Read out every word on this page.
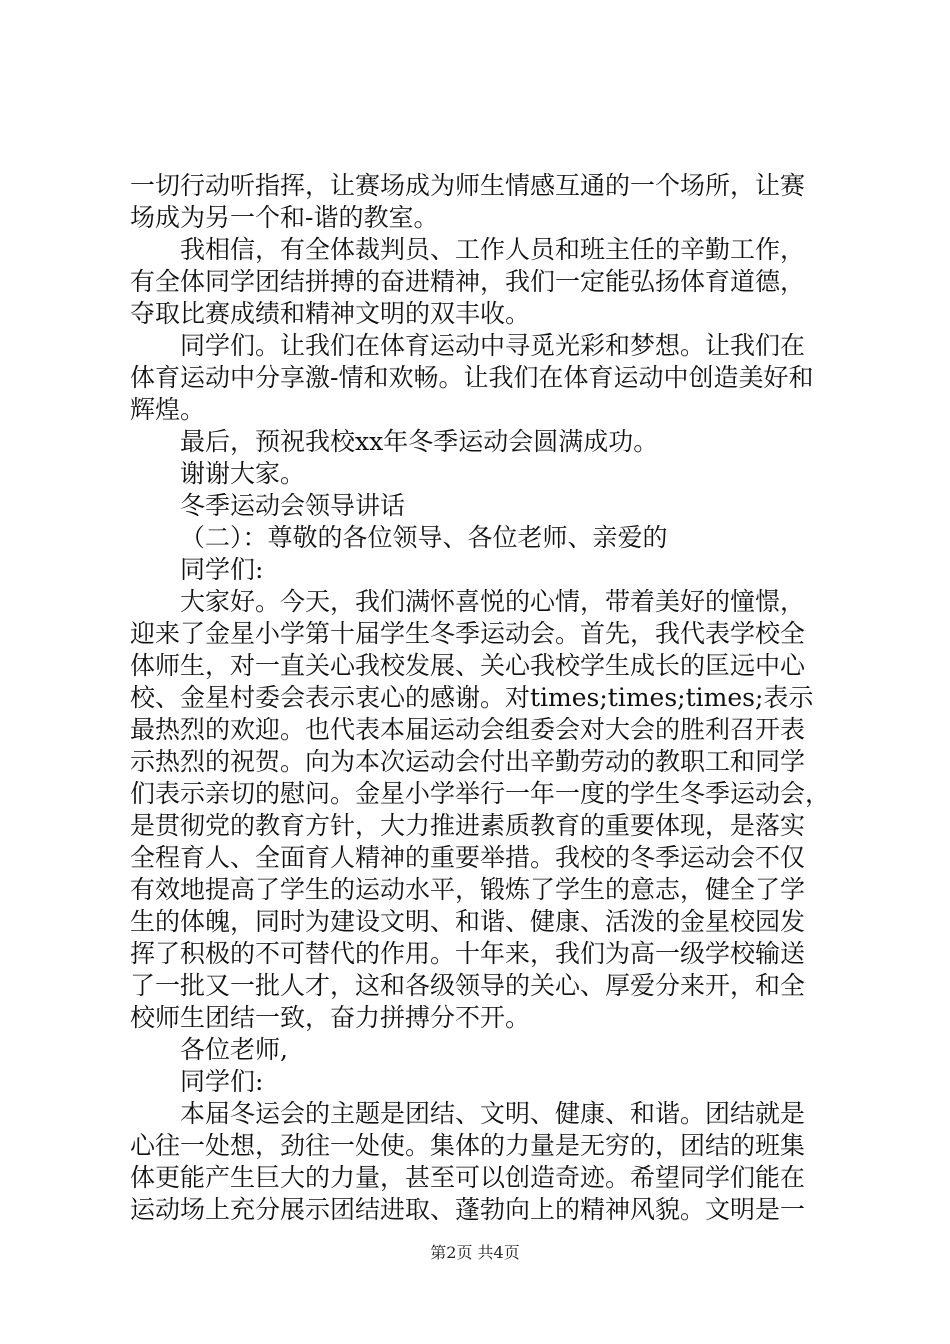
一切行动听指挥，让赛场成为师生情感互通的一个场所，让赛
场成为另一个和-谐的教室。
我相信，有全体裁判员、工作人员和班主任的辛勤工作，
有全体同学团结拼搏的奋进精神，我们一定能弘扬体育道德，
夺取比赛成绩和精神文明的双丰收。
同学们。让我们在体育运动中寻觅光彩和梦想。让我们在
体育运动中分享激-情和欢畅。让我们在体育运动中创造美好和
辉煌。
最后，预祝我校xx年冬季运动会圆满成功。
谢谢大家。
冬季运动会领导讲话
（二）：尊敬的各位领导、各位老师、亲爱的
同学们:
大家好。今天，我们满怀喜悦的心情，带着美好的憧憬，
迎来了金星小学第十届学生冬季运动会。首先，我代表学校全
体师生，对一直关心我校发展、关心我校学生成长的匡远中心
校、金星村委会表示衷心的感谢。对times;times;times;表示
最热烈的欢迎。也代表本届运动会组委会对大会的胜利召开表
示热烈的祝贺。向为本次运动会付出辛勤劳动的教职工和同学
们表示亲切的慰问。金星小学举行一年一度的学生冬季运动会，
是贯彻党的教育方针，大力推进素质教育的重要体现，是落实
全程育人、全面育人精神的重要举措。我校的冬季运动会不仅
有效地提高了学生的运动水平，锻炼了学生的意志，健全了学
生的体魄，同时为建设文明、和谐、健康、活泼的金星校园发
挥了积极的不可替代的作用。十年来，我们为高一级学校输送
了一批又一批人才，这和各级领导的关心、厚爱分来开，和全
校师生团结一致，奋力拼搏分不开。
各位老师,
同学们:
本届冬运会的主题是团结、文明、健康、和谐。团结就是
心往一处想，劲往一处使。集体的力量是无穷的，团结的班集
体更能产生巨大的力量，甚至可以创造奇迹。希望同学们能在
运动场上充分展示团结进取、蓬勃向上的精神风貌。文明是一
第2页 共4页
